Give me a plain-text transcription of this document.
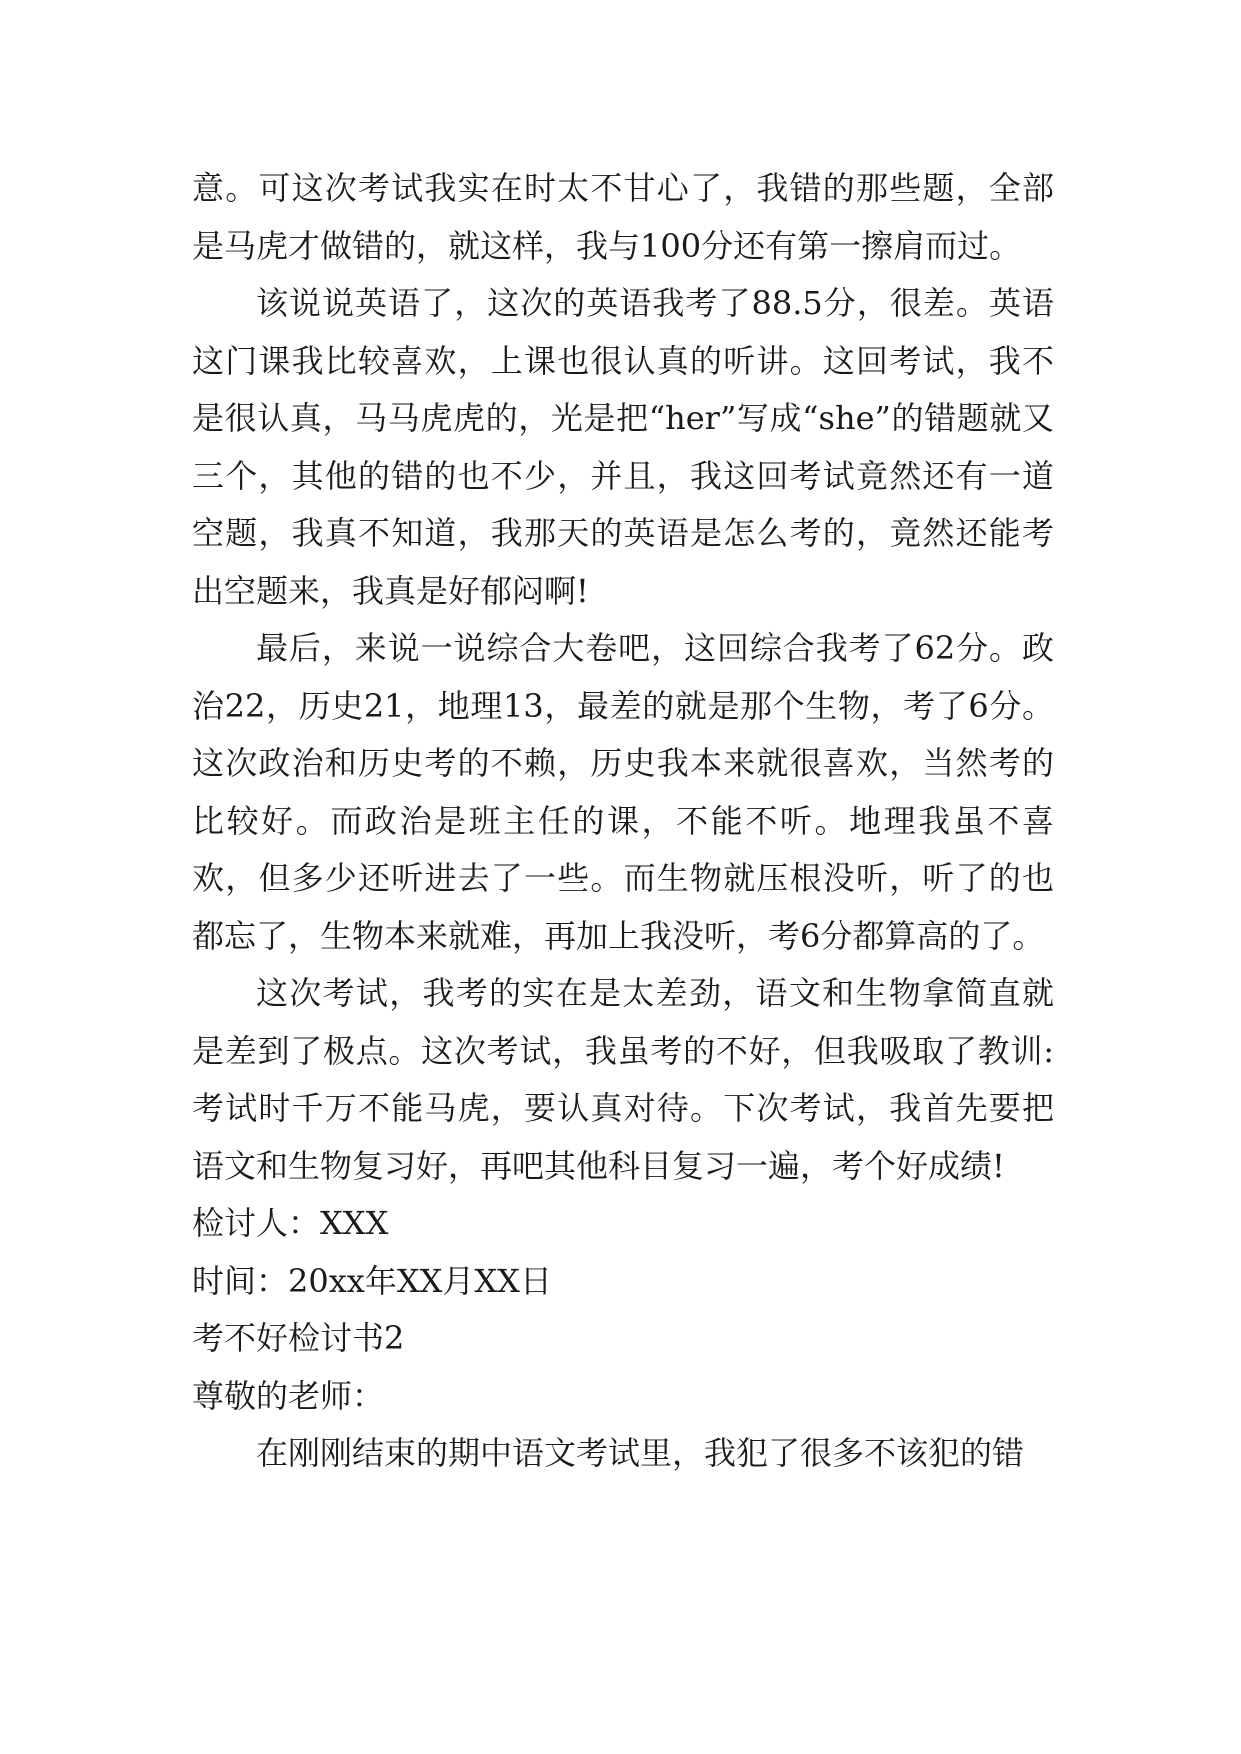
意。可这次考试我实在时太不甘心了，我错的那些题，全部是马虎才做错的，就这样，我与100分还有第一擦肩而过。

该说说英语了，这次的英语我考了88.5分，很差。英语这门课我比较喜欢，上课也很认真的听讲。这回考试，我不是很认真，马马虎虎的，光是把“her”写成“she”的错题就又三个，其他的错的也不少，并且，我这回考试竟然还有一道空题，我真不知道，我那天的英语是怎么考的，竟然还能考出空题来，我真是好郁闷啊!

最后，来说一说综合大卷吧，这回综合我考了62分。政治22，历史21，地理13，最差的就是那个生物，考了6分。这次政治和历史考的不赖，历史我本来就很喜欢，当然考的比较好。而政治是班主任的课，不能不听。地理我虽不喜欢，但多少还听进去了一些。而生物就压根没听，听了的也都忘了，生物本来就难，再加上我没听，考6分都算高的了。

这次考试，我考的实在是太差劲，语文和生物拿简直就是差到了极点。这次考试，我虽考的不好，但我吸取了教训:考试时千万不能马虎，要认真对待。下次考试，我首先要把语文和生物复习好，再吧其他科目复习一遍，考个好成绩!

检讨人：XXX

时间：20xx年XX月XX日

考不好检讨书2

尊敬的老师：

在刚刚结束的期中语文考试里，我犯了很多不该犯的错
